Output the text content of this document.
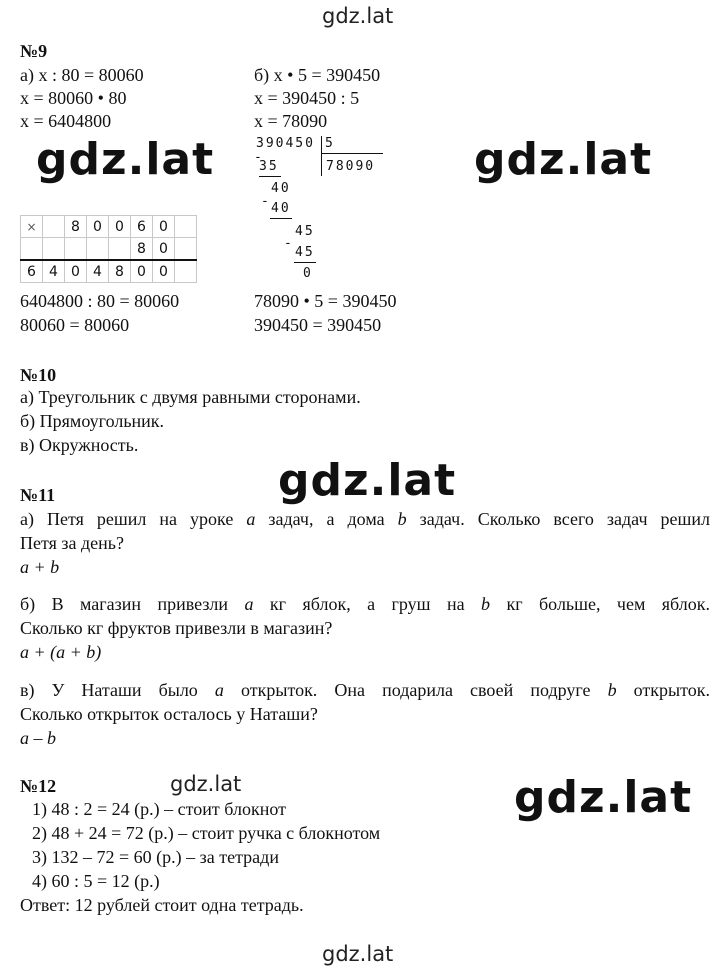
gdz.lat
gdz.lat	gdz.lat
gdz.lat
gdz.lat	gdz.lat
gdz.lat
№9
а) x : 80 = 80060
x = 80060 • 80
x = 6404800
б) x • 5 = 390450
x = 390450 : 5
x = 78090
×		8	0	0	6	0	
					8	0	
6	4	0	4	8	0	0	
390450 5
78090
-
35
40
- 40
45
-
45
0
6404800 : 80 = 80060
80060 = 80060
78090 • 5 = 390450
390450 = 390450
№10
а) Треугольник с двумя равными сторонами.
б) Прямоугольник.
в) Окружность.
№11
а) Петя решил на уроке a задач, а дома b задач. Сколько всего задач решил
Петя за день?
a + b
б) В магазин привезли a кг яблок, а груш на b кг больше, чем яблок.
Сколько кг фруктов привезли в магазин?
a + (a + b)
в) У Наташи было a открыток. Она подарила своей подруге b открыток.
Сколько открыток осталось у Наташи?
a – b
№12
1) 48 : 2 = 24 (р.) – стоит блокнот
2) 48 + 24 = 72 (р.) – стоит ручка с блокнотом
3) 132 – 72 = 60 (р.) – за тетради
4) 60 : 5 = 12 (р.)
Ответ: 12 рублей стоит одна тетрадь.
